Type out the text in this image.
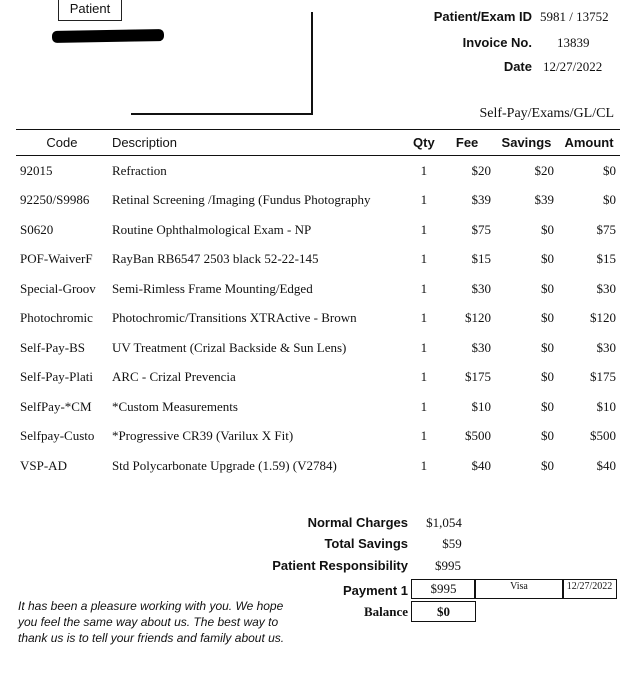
Patient
Patient/Exam ID 5981 / 13752
Invoice No. 13839
Date 12/27/2022
Self-Pay/Exams/GL/CL
Code	Description	Qty	Fee	Savings	Amount
92015	Refraction	1	$20	$20	$0
92250/S9986	Retinal Screening /Imaging (Fundus Photography	1	$39	$39	$0
S0620	Routine Ophthalmological Exam - NP	1	$75	$0	$75
POF-WaiverF	RayBan RB6547 2503 black 52-22-145	1	$15	$0	$15
Special-Groov	Semi-Rimless Frame Mounting/Edged	1	$30	$0	$30
Photochromic	Photochromic/Transitions XTRActive - Brown	1	$120	$0	$120
Self-Pay-BS	UV Treatment (Crizal Backside & Sun Lens)	1	$30	$0	$30
Self-Pay-Plati	ARC - Crizal Prevencia	1	$175	$0	$175
SelfPay-*CM	*Custom Measurements	1	$10	$0	$10
Selfpay-Custo	*Progressive CR39 (Varilux X Fit)	1	$500	$0	$500
VSP-AD	Std Polycarbonate Upgrade (1.59) (V2784)	1	$40	$0	$40
Normal Charges	$1,054
Total Savings	$59
Patient Responsibility	$995
Payment 1	$995	Visa	12/27/2022
Balance	$0
It has been a pleasure working with you. We hope you feel the same way about us. The best way to thank us is to tell your friends and family about us.
